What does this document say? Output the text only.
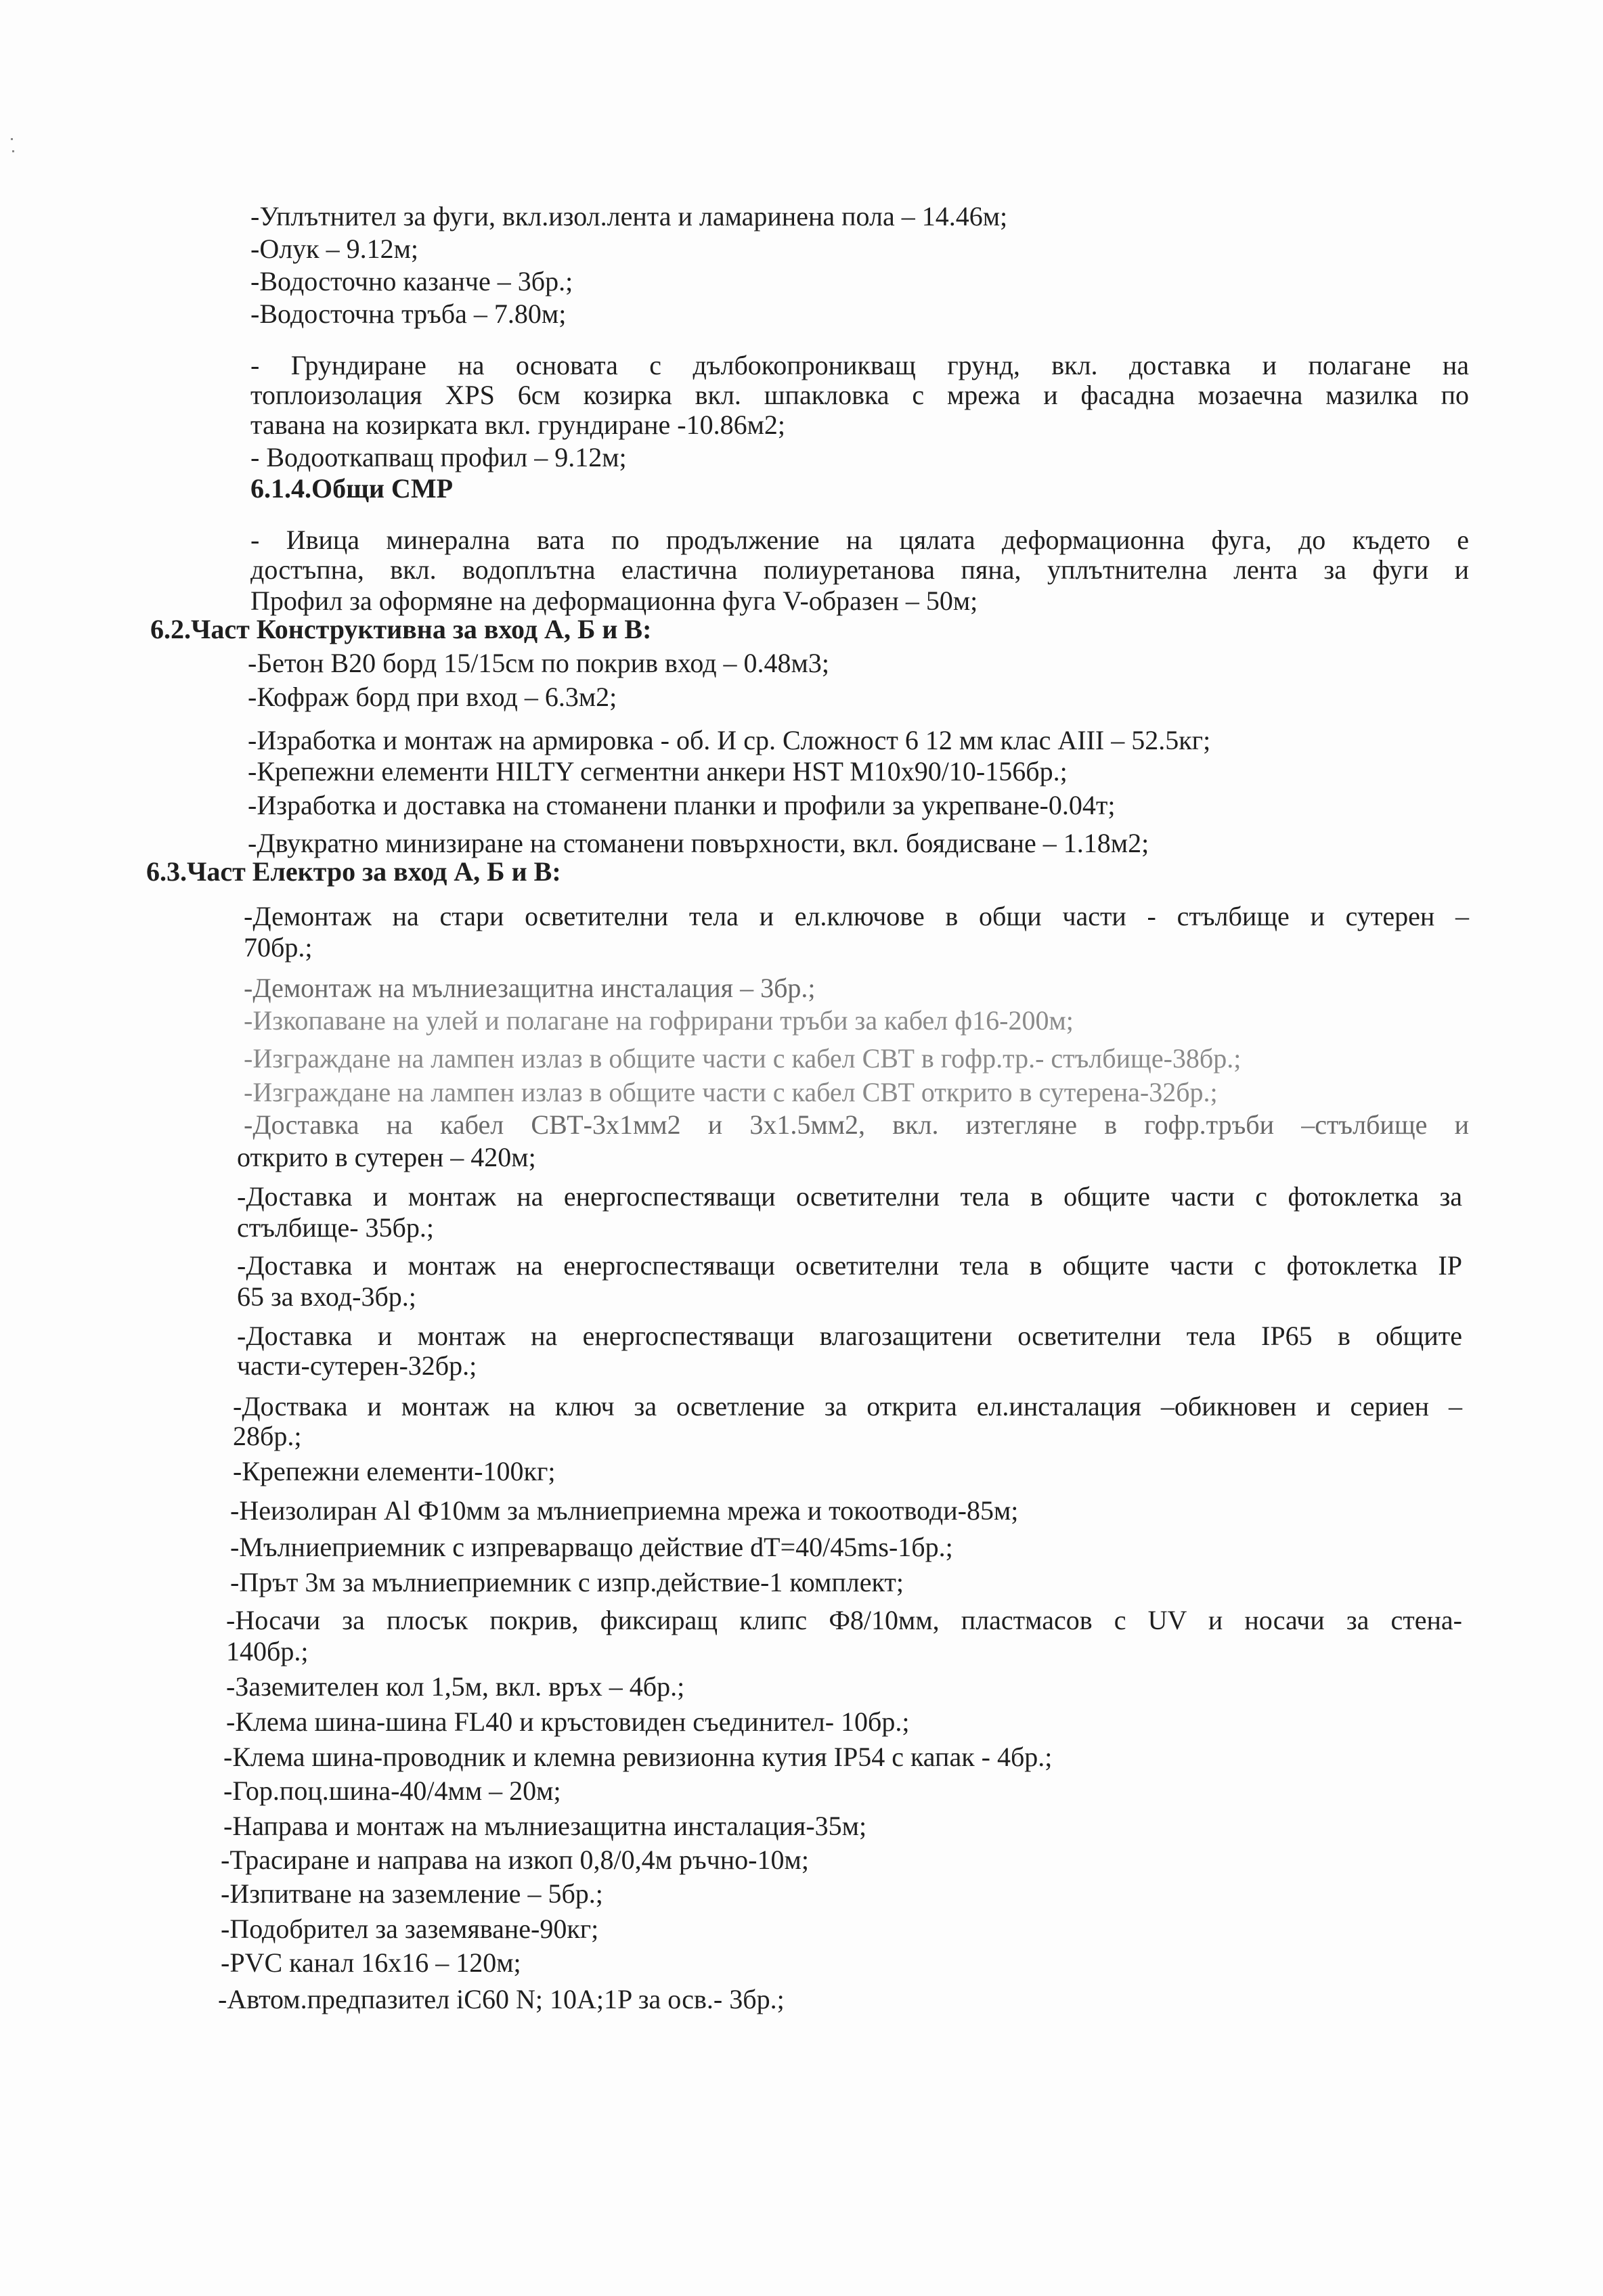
-Уплътнител за фуги, вкл.изол.лента и ламаринена пола – 14.46м;
-Олук – 9.12м;
-Водосточно казанче – 3бр.;
-Водосточна тръба – 7.80м;
- Грундиране на основата с дълбокопроникващ грунд, вкл. доставка и полагане на
топлоизолация XPS 6см козирка вкл. шпакловка с мрежа и фасадна мозаечна мазилка по
тавана на козирката вкл. грундиране -10.86м2;
- Водооткапващ профил – 9.12м;
6.1.4.Общи СМР
- Ивица минерална вата по продължение на цялата деформационна фуга, до където е
достъпна, вкл. водоплътна еластична полиуретанова пяна, уплътнителна лента за фуги и
Профил за оформяне на деформационна фуга V-образен – 50м;
6.2.Част Конструктивна за вход А, Б и В:
-Бетон В20 борд 15/15см по покрив вход – 0.48м3;
-Кофраж борд при вход – 6.3м2;
-Изработка и монтаж на армировка - об. И ср. Сложност 6 12 мм клас АIII – 52.5кг;
-Крепежни елементи HILTY сегментни анкери HST M10x90/10-156бр.;
-Изработка и доставка на стоманени планки и профили за укрепване-0.04т;
-Двукратно минизиране на стоманени повърхности, вкл. боядисване – 1.18м2;
6.3.Част Електро за вход А, Б и В:
-Демонтаж на стари осветителни тела и ел.ключове в общи части - стълбище и сутерен –
70бр.;
-Демонтаж на мълниезащитна инсталация – 3бр.;
-Изкопаване на улей и полагане на гофрирани тръби за кабел ф16-200м;
-Изграждане на лампен излаз в общите части с кабел СВТ в гофр.тр.- стълбище-38бр.;
-Изграждане на лампен излаз в общите части с кабел СВТ открито в сутерена-32бр.;
-Доставка на кабел СВТ-3х1мм2 и 3х1.5мм2, вкл. изтегляне в гофр.тръби –стълбище и
открито в сутерен – 420м;
-Доставка и монтаж на енергоспестяващи осветителни тела в общите части с фотоклетка за
стълбище- 35бр.;
-Доставка и монтаж на енергоспестяващи осветителни тела в общите части с фотоклетка IP
65 за вход-3бр.;
-Доставка и монтаж на енергоспестяващи влагозащитени осветителни тела IP65 в общите
части-сутерен-32бр.;
-Доствака и монтаж на ключ за осветление за открита ел.инсталация –обикновен и сериен –
28бр.;
-Крепежни елементи-100кг;
-Неизолиран Al Ф10мм за мълниеприемна мрежа и токоотводи-85м;
-Мълниеприемник с изпреварващо действие dT=40/45ms-1бр.;
-Прът 3м за мълниеприемник с изпр.действие-1 комплект;
-Носачи за плосък покрив, фиксиращ клипс Ф8/10мм, пластмасов с UV и носачи за стена-
140бр.;
-Заземителен кол 1,5м, вкл. връх – 4бр.;
-Клема шина-шина FL40 и кръстовиден съединител- 10бр.;
-Клема шина-проводник и клемна ревизионна кутия IP54 с капак - 4бр.;
-Гор.поц.шина-40/4мм – 20м;
-Направа и монтаж на мълниезащитна инсталация-35м;
-Трасиране и направа на изкоп 0,8/0,4м ръчно-10м;
-Изпитване на заземление – 5бр.;
-Подобрител за заземяване-90кг;
-PVC канал 16х16 – 120м;
-Автом.предпазител iC60 N; 10A;1P за осв.- 3бр.;
